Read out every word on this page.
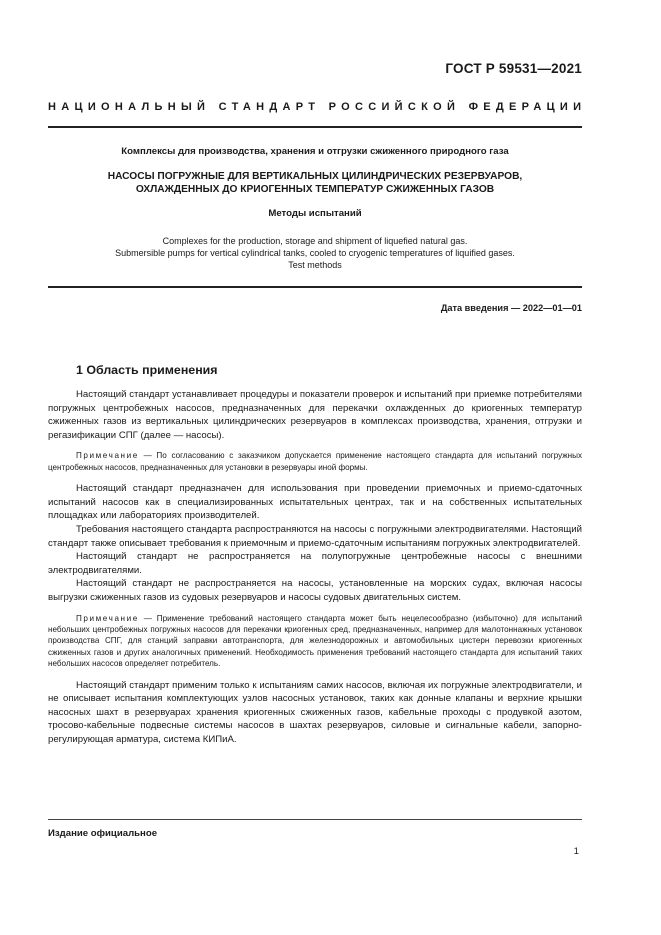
ГОСТ Р 59531—2021
НАЦИОНАЛЬНЫЙ СТАНДАРТ РОССИЙСКОЙ ФЕДЕРАЦИИ
Комплексы для производства, хранения и отгрузки сжиженного природного газа
НАСОСЫ ПОГРУЖНЫЕ ДЛЯ ВЕРТИКАЛЬНЫХ ЦИЛИНДРИЧЕСКИХ РЕЗЕРВУАРОВ,
ОХЛАЖДЕННЫХ ДО КРИОГЕННЫХ ТЕМПЕРАТУР СЖИЖЕННЫХ ГАЗОВ
Методы испытаний
Complexes for the production, storage and shipment of liquefied natural gas.
Submersible pumps for vertical cylindrical tanks, cooled to cryogenic temperatures of liquified gases.
Test methods
Дата введения — 2022—01—01
1 Область применения

Настоящий стандарт устанавливает процедуры и показатели проверок и испытаний при приемке потребителями погружных центробежных насосов, предназначенных для перекачки охлажденных до криогенных температур сжиженных газов из вертикальных цилиндрических резервуаров в комплексах производства, хранения, отгрузки и регазификации СПГ (далее — насосы).

Примечание — По согласованию с заказчиком допускается применение настоящего стандарта для испытаний погружных центробежных насосов, предназначенных для установки в резервуары иной формы.

Настоящий стандарт предназначен для использования при проведении приемочных и приемо-сдаточных испытаний насосов как в специализированных испытательных центрах, так и на собственных испытательных площадках или лабораториях производителей.

Требования настоящего стандарта распространяются на насосы с погружными электродвигателями. Настоящий стандарт также описывает требования к приемочным и приемо-сдаточным испытаниям погружных электродвигателей.

Настоящий стандарт не распространяется на полупогружные центробежные насосы с внешними электродвигателями.

Настоящий стандарт не распространяется на насосы, установленные на морских судах, включая насосы выгрузки сжиженных газов из судовых резервуаров и насосы судовых двигательных систем.

Примечание — Применение требований настоящего стандарта может быть нецелесообразно (избыточно) для испытаний небольших центробежных погружных насосов для перекачки криогенных сред, предназначенных, например для малотоннажных установок производства СПГ, для станций заправки автотранспорта, для железнодорожных и автомобильных цистерн перевозки криогенных сжиженных газов и других аналогичных применений. Необходимость применения требований настоящего стандарта для испытаний таких небольших насосов определяет потребитель.

Настоящий стандарт применим только к испытаниям самих насосов, включая их погружные электродвигатели, и не описывает испытания комплектующих узлов насосных установок, таких как донные клапаны и верхние крышки насосных шахт в резервуарах хранения криогенных сжиженных газов, кабельные проходы с продувкой азотом, тросово-кабельные подвесные системы насосов в шахтах резервуаров, силовые и сигнальные кабели, запорно-регулирующая арматура, система КИПиА.

Издание официальное
1
